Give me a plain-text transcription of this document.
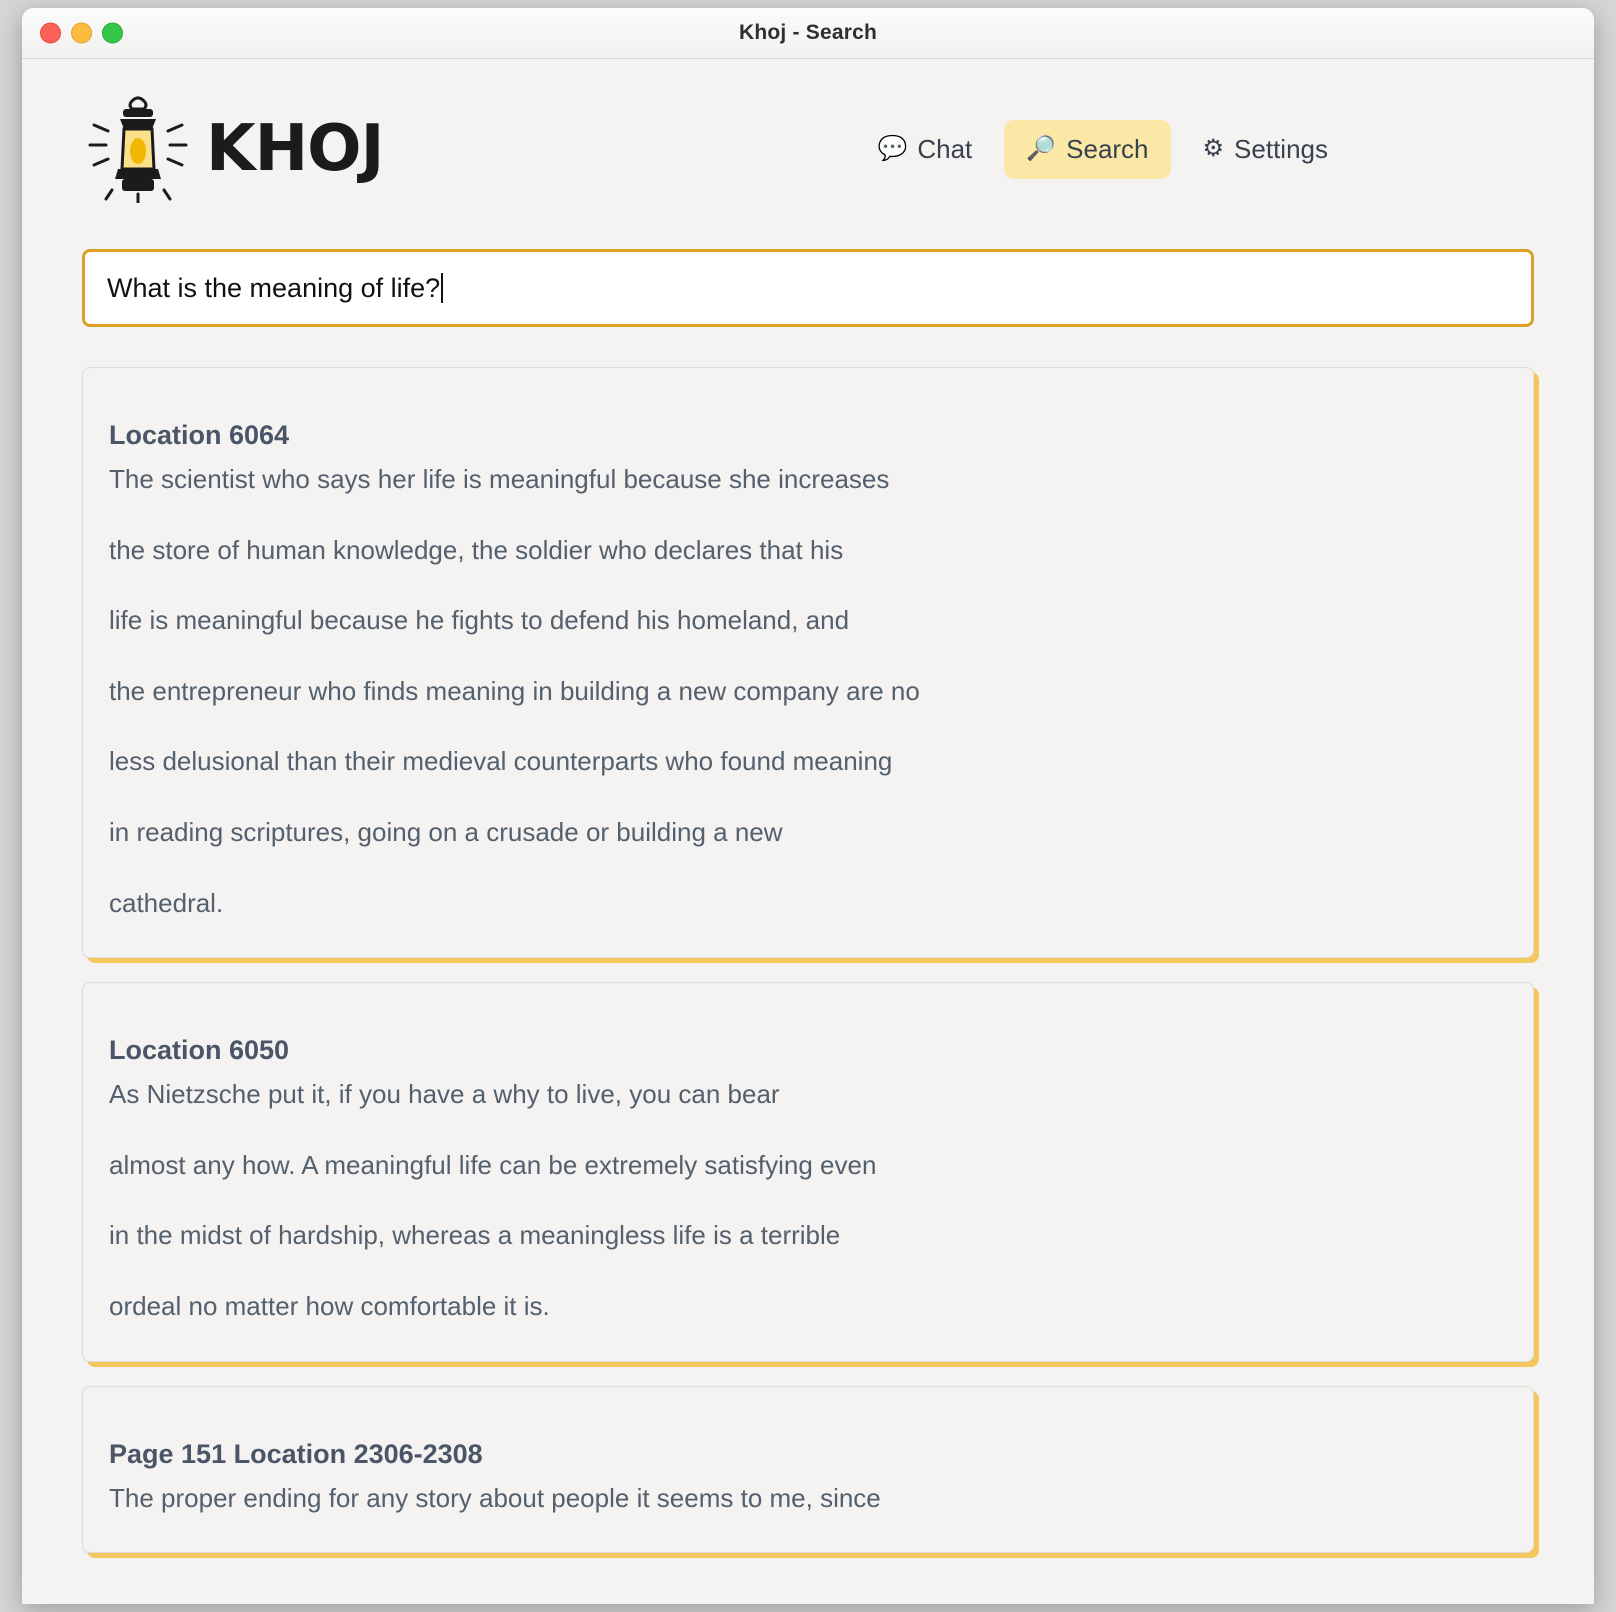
Khoj - Search
KHOJ	💬 Chat 🔎 Search ⚙ Settings
What is the meaning of life?
Location 6064

The scientist who says her life is meaningful because she increases

the store of human knowledge, the soldier who declares that his

life is meaningful because he fights to defend his homeland, and

the entrepreneur who finds meaning in building a new company are no

less delusional than their medieval counterparts who found meaning

in reading scriptures, going on a crusade or building a new

cathedral.

Location 6050

As Nietzsche put it, if you have a why to live, you can bear

almost any how. A meaningful life can be extremely satisfying even

in the midst of hardship, whereas a meaningless life is a terrible

ordeal no matter how comfortable it is.

Page 151 Location 2306-2308

The proper ending for any story about people it seems to me, since
